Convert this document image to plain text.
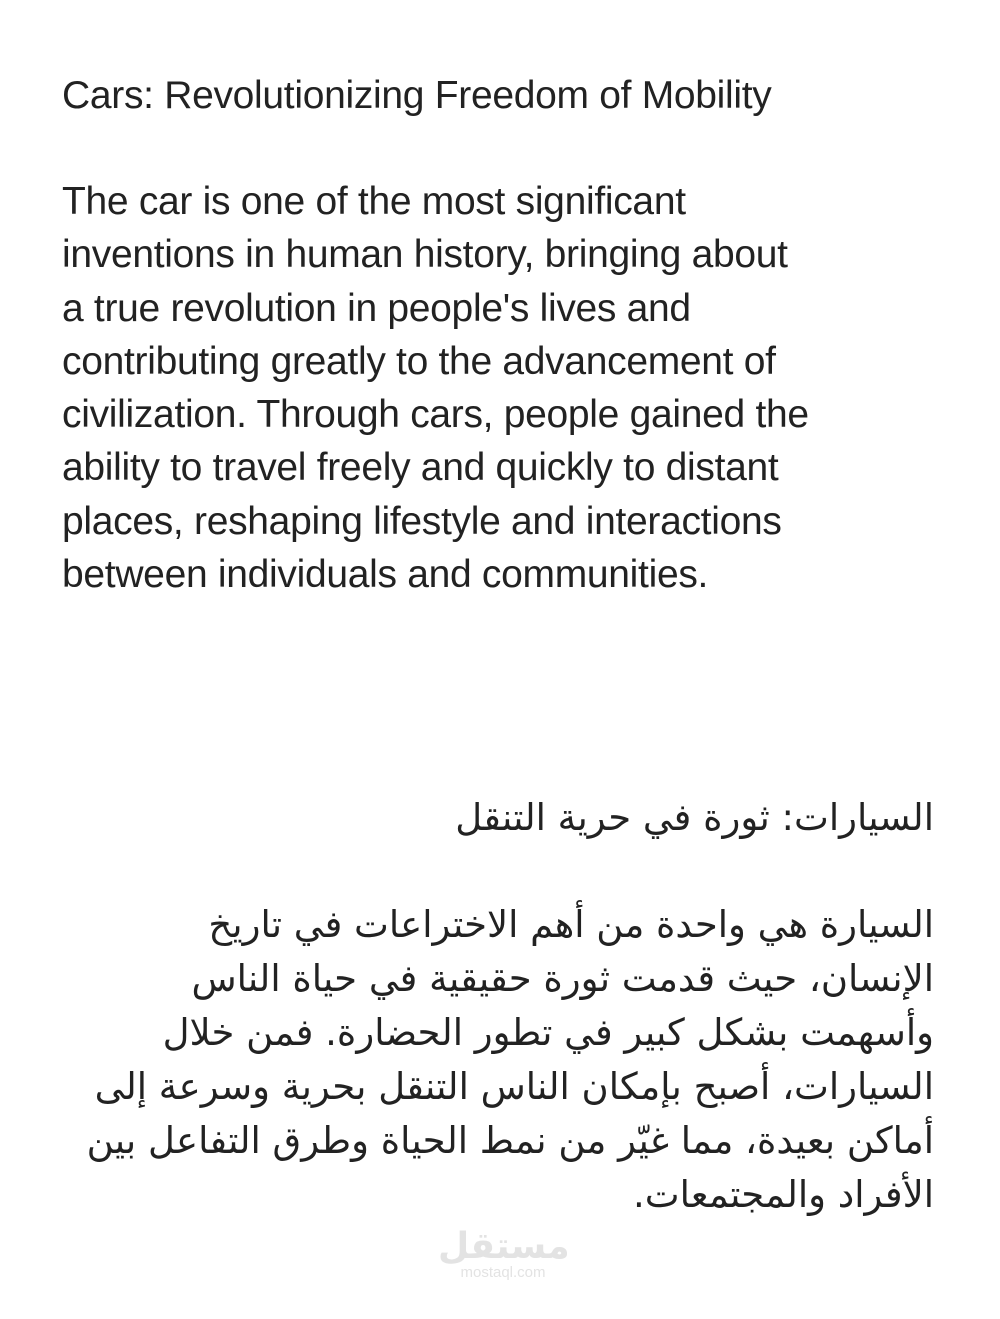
Cars: Revolutionizing Freedom of Mobility
The car is one of the most significant
inventions in human history, bringing about
a true revolution in people's lives and
contributing greatly to the advancement of
civilization. Through cars, people gained the
ability to travel freely and quickly to distant
places, reshaping lifestyle and interactions
between individuals and communities.
السيارات: ثورة في حرية التنقل
السيارة هي واحدة من أهم الاختراعات في تاريخ
الإنسان، حيث قدمت ثورة حقيقية في حياة الناس
وأسهمت بشكل كبير في تطور الحضارة. فمن خلال
السيارات، أصبح بإمكان الناس التنقل بحرية وسرعة إلى
أماكن بعيدة، مما غيّر من نمط الحياة وطرق التفاعل بين
الأفراد والمجتمعات.
مستقل
mostaql.com
